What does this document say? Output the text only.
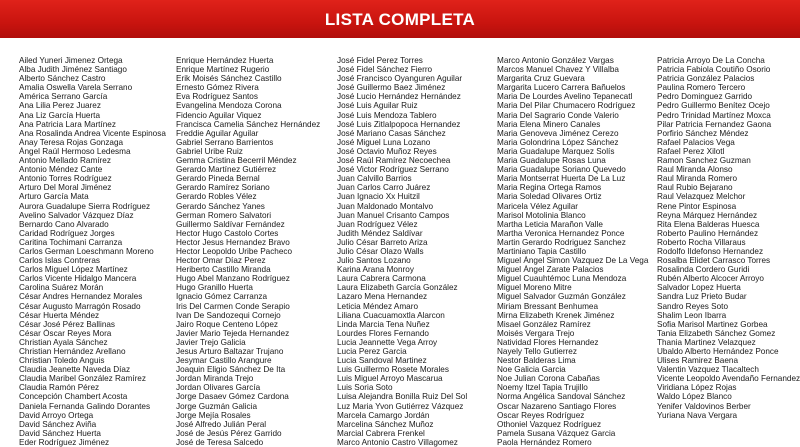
LISTA COMPLETA
Ailed Yuneri Jimenez Ortega
Alba Judith Jiménez Santiago
Alberto Sánchez Castro
Amalia Oswella Varela Serrano
América Serrano García
Ana Lilia Perez Juarez
Ana Liz García Huerta
Ana Patricia Lara Martínez
Ana Rosalinda Andrea Vicente Espinosa
Anay Teresa Rojas Gonzaga
Ángel Raúl Hermoso Ledesma
Antonio Mellado Ramírez
Antonio Méndez Cante
Antonio Torres Rodríguez
Arturo Del Moral Jiménez
Arturo García Mata
Aurora Guadalupe Sierra Rodríguez
Avelino Salvador Vázquez Díaz
Bernardo Cano Alvarado
Caridad Rodríguez Jorges
Caritina Tochimani Carranza
Carlos German Loeschmann Moreno
Carlos Islas Contreras
Carlos Miguel López Martínez
Carlos Vicente Hidalgo Mancera
Carolina Suárez Morán
César Andres Hernandez Morales
César Augusto Marragón Rosado
César Huerta Méndez
César José Pérez Ballinas
César Óscar Reyes Mora
Christian Ayala Sánchez
Christian Hernández Arellano
Christian Toledo Anguis
Claudia Jeanette Naveda Díaz
Claudia Maribel González Ramírez
Claudia Ramón Pérez
Concepción Chambert Acosta
Daniela Fernanda Galindo Dorantes
David Arroyo Ortega
David Sánchez Aviña
David Sánchez Huerta
Eder Rodríguez Jiménez
Enrique Hernández Huerta
Enrique Martínez Rugerio
Erik Moisés Sánchez Castillo
Ernesto Gómez Rivera
Eva Rodríguez Santos
Evangelina Mendoza Corona
Fidencio Aguilar Viquez
Francisca Camelia Sánchez Hernández
Freddie Aguilar Aguilar
Gabriel Serrano Barrientos
Gabriel Uribe Ruiz
Gemma Cristina Becerril Méndez
Gerardo Martínez Gutiérrez
Gerardo Pineda Bernal
Gerardo Ramírez Soriano
Gerardo Robles Vélez
Gerardo Sánchez Yanes
German Romero Salvatori
Guillermo Saldívar Fernández
Hector Hugo Castolo Cortes
Hector Jesus Hernandez Bravo
Hector Leopoldo Uribe Pacheco
Hector Omar Díaz Perez
Heriberto Castillo Miranda
Hugo Abel Manzano Rodríguez
Hugo Granillo Huerta
Ignacio Gómez Carranza
Iris Del Carmen Conde Serapio
Ivan De Sandozequi Cornejo
Jairo Roque Centeno López
Javier Mario Tejeda Hernandez
Javier Trejo Galicia
Jesus Arturo Baltazar Trujano
Jesymar Castillo Arangure
Joaquin Eligio Sánchez De Ita
Jordan Miranda Trejo
Jordan Olivares García
Jorge Dasaev Gómez Cardona
Jorge Guzmán Galicia
Jorge Mejía Rosales
José Alfredo Julián Peral
José de Jesús Pérez Garrido
José de Teresa Salcedo
José Fidel Perez Torres
José Fidel Sánchez Fierro
José Francisco Oyanguren Aguilar
José Guillermo Baez Jiménez
José Lucio Hernández Hernández
José Luis Aguilar Ruiz
José Luis Mendoza Tablero
José Luis Zitlalpopoca Hernandez
José Mariano Casas Sánchez
José Miguel Luna Lozano
José Octavio Muñoz Reyes
José Raúl Ramírez Necoechea
José Victor Rodríguez Serrano
Juan Calvillo Barrios
Juan Carlos Carro Juárez
Juan Ignacio Xx Huitzil
Juan Maldonado Montalvo
Juan Manuel Crisanto Campos
Juan Rodríguez Vélez
Judith Méndez Saldívar
Julio César Barreto Ariza
Julio César Olazo Walls
Julio Santos Lozano
Karina Arana Monroy
Laura Cabrera Carmona
Laura Elizabeth García González
Lazaro Mena Hernandez
Leticia Méndez Amaro
Liliana Cuacuamoxtla Alarcon
Linda Marcia Tena Nuñez
Lourdes Flores Fernando
Lucia Jeannette Vega Arroy
Lucia Perez Garcia
Lucia Sandoval Martinez
Luis Guillermo Rosete Morales
Luis Miguel Arroyo Mascarua
Luis Soria Soto
Luisa Alejandra Bonilla Ruiz Del Sol
Luz Maria Yvon Gutiérrez Vázquez
Marcela Camargo Jordán
Marcelina Sánchez Muñoz
Marcial Cabrera Frenkel
Marco Antonio Castro Villagomez
Marco Antonio González Vargas
Marcos Manuel Chavez Y Villalba
Margarita Cruz Guevara
Margarita Lucero Carrera Bañuelos
Maria De Lourdes Avelino Tepanecatl
Maria Del Pilar Chumacero Rodríguez
Maria Del Sagrario Conde Valerio
Maria Elena Minero Canales
Maria Genoveva Jiménez Cerezo
Maria Golondrina López Sánchez
Maria Guadalupe Marquez Solís
Maria Guadalupe Rosas Luna
Maria Guadalupe Soriano Quevedo
Maria Montserrat Huerta De La Luz
Maria Regina Ortega Ramos
Maria Soledad Olivares Ortiz
Maricela Vélez Aguilar
Marisol Motolinia Blanco
Martha Leticia Marañon Valle
Martha Veronica Hernandez Ponce
Martin Gerardo Rodriguez Sanchez
Martiniano Tapia Castillo
Miguel Ángel Simon Vazquez De La Vega
Miguel Ángel Zarate Palacios
Miguel Cuauhtémoc Luna Mendoza
Miguel Moreno Mitre
Miguel Salvador Guzmán González
Miriam Bressant Benhumea
Mirna Elizabeth Krenek Jiménez
Misael González Ramírez
Moisés Vergara Trejo
Natividad Flores Hernandez
Nayely Tello Gutierrez
Nestor Balderas Lima
Noe Galicia Garcia
Noe Julian Corona Cabañas
Noemy Itzel Tapia Trujillo
Norma Angélica Sandoval Sánchez
Oscar Nazareno Santiago Flores
Oscar Reyes Rodríguez
Othoniel Vazquez Rodríguez
Pamela Susana Vázquez Garcia
Paola Hernández Romero
Patricia Arroyo De La Concha
Patricia Fabiola Coutiño Osorio
Patricia González Palacios
Paulina Romero Tercero
Pedro Dominguez Garrido
Pedro Guillermo Benítez Ocejo
Pedro Trinidad Martínez Moxca
Pilar Patricia Fernandez Gaona
Porfirio Sánchez Méndez
Rafael Palacios Vega
Rafael Perez Xilotl
Ramon Sanchez Guzman
Raul Miranda Alonso
Raul Miranda Romero
Raul Rubio Bejarano
Raul Velazquez Melchor
Rene Pintor Espinosa
Reyna Márquez Hernández
Rita Elena Balderas Huesca
Roberto Paulino Hernández
Roberto Rocha Villaraus
Rodolfo Ildefonso Hernandez
Rosalba Elidet Carrasco Torres
Rosalinda Cordero Guridi
Rubén Alberto Alcocer Arroyo
Salvador Lopez Huerta
Sandra Luz Prieto Budar
Sandro Reyes Soto
Shalim Leon Ibarra
Sofia Marisol Martinez Gorbea
Tania Elizabeth Sánchez Gomez
Thania Martinez Velazquez
Ubaldo Alberto Hernández Ponce
Ulises Ramirez Baena
Valentin Vazquez Tlacaltech
Vicente Leopoldo Avendaño Fernandez
Viridiana López Rojas
Waldo López Blanco
Yenifer Valdovinos Berber
Yuriana Nava Vergara
